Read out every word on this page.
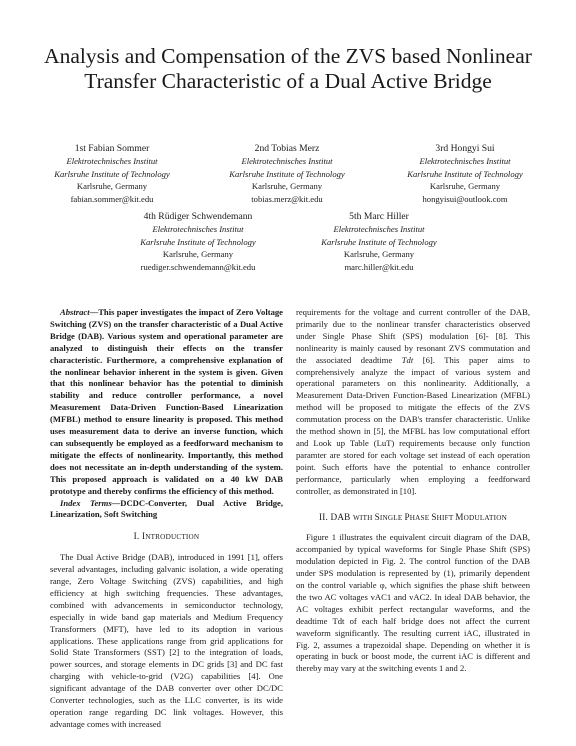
Analysis and Compensation of the ZVS based Nonlinear Transfer Characteristic of a Dual Active Bridge
1st Fabian Sommer
Elektrotechnisches Institut
Karlsruhe Institute of Technology
Karlsruhe, Germany
fabian.sommer@kit.edu
2nd Tobias Merz
Elektrotechnisches Institut
Karlsruhe Institute of Technology
Karlsruhe, Germany
tobias.merz@kit.edu
3rd Hongyi Sui
Elektrotechnisches Institut
Karlsruhe Institute of Technology
Karlsruhe, Germany
hongyisui@outlook.com
4th Rüdiger Schwendemann
Elektrotechnisches Institut
Karlsruhe Institute of Technology
Karlsruhe, Germany
ruediger.schwendemann@kit.edu
5th Marc Hiller
Elektrotechnisches Institut
Karlsruhe Institute of Technology
Karlsruhe, Germany
marc.hiller@kit.edu

Abstract—This paper investigates the impact of Zero Voltage Switching (ZVS) on the transfer characteristic of a Dual Active Bridge (DAB). Various system and operational parameter are analyzed to distinguish their effects on the transfer characteristic. Furthermore, a comprehensive explanation of the nonlinear behavior inherent in the system is given. Given that this nonlinear behavior has the potential to diminish stability and reduce controller performance, a novel Measurement Data-Driven Function-Based Linearization (MFBL) method to ensure linearity is proposed. This method uses measurement data to derive an inverse function, which can subsequently be employed as a feedforward mechanism to mitigate the effects of nonlinearity. Importantly, this method does not necessitate an in-depth understanding of the system. This proposed approach is validated on a 40 kW DAB prototype and thereby confirms the efficiency of this method.

Index Terms—DCDC-Converter, Dual Active Bridge, Linearization, Soft Switching

I. INTRODUCTION

The Dual Active Bridge (DAB), introduced in 1991 [1], offers several advantages, including galvanic isolation, a wide operating range, Zero Voltage Switching (ZVS) capabilities, and high efficiency at high switching frequencies. These advantages, combined with advancements in semiconductor technology, especially in wide band gap materials and Medium Frequency Transformers (MFT), have led to its adoption in various applications. These applications range from grid applications for Solid State Transformers (SST) [2] to the integration of loads, power sources, and storage elements in DC grids [3] and DC fast charging with vehicle-to-grid (V2G) capabilities [4]. One significant advantage of the DAB converter over other DC/DC Converter technologies, such as the LLC converter, is its wide operation range regarding DC link voltages. However, this advantage comes with increased

requirements for the voltage and current controller of the DAB, primarily due to the nonlinear transfer characteristics observed under Single Phase Shift (SPS) modulation [6]- [8]. This nonlinearity is mainly caused by resonant ZVS commutation and the associated deadtime Tdt [6]. This paper aims to comprehensively analyze the impact of various system and operational parameters on this nonlinearity. Additionally, a Measurement Data-Driven Function-Based Linearization (MFBL) method will be proposed to mitigate the effects of the ZVS commutation process on the DAB's transfer characteristic. Unlike the method shown in [5], the MFBL has low computational effort and Look up Table (LuT) requirements because only function paramter are stored for each voltage set instead of each operation point. Such efforts have the potential to enhance controller performance, particularly when employing a feedforward controller, as demonstrated in [10].

II. DAB WITH SINGLE PHASE SHIFT MODULATION

Figure 1 illustrates the equivalent circuit diagram of the DAB, accompanied by typical waveforms for Single Phase Shift (SPS) modulation depicted in Fig. 2. The control function of the DAB under SPS modulation is represented by (1), primarily dependent on the control variable φ, which signifies the phase shift between the two AC voltages vAC1 and vAC2. In ideal DAB behavior, the AC voltages exhibit perfect rectangular waveforms, and the deadtime Tdt of each half bridge does not affect the current waveform significantly. The resulting current iAC, illustrated in Fig. 2, assumes a trapezoidal shape. Depending on whether it is operating in buck or boost mode, the current iAC is different and thereby may vary at the switching events 1 and 2.
